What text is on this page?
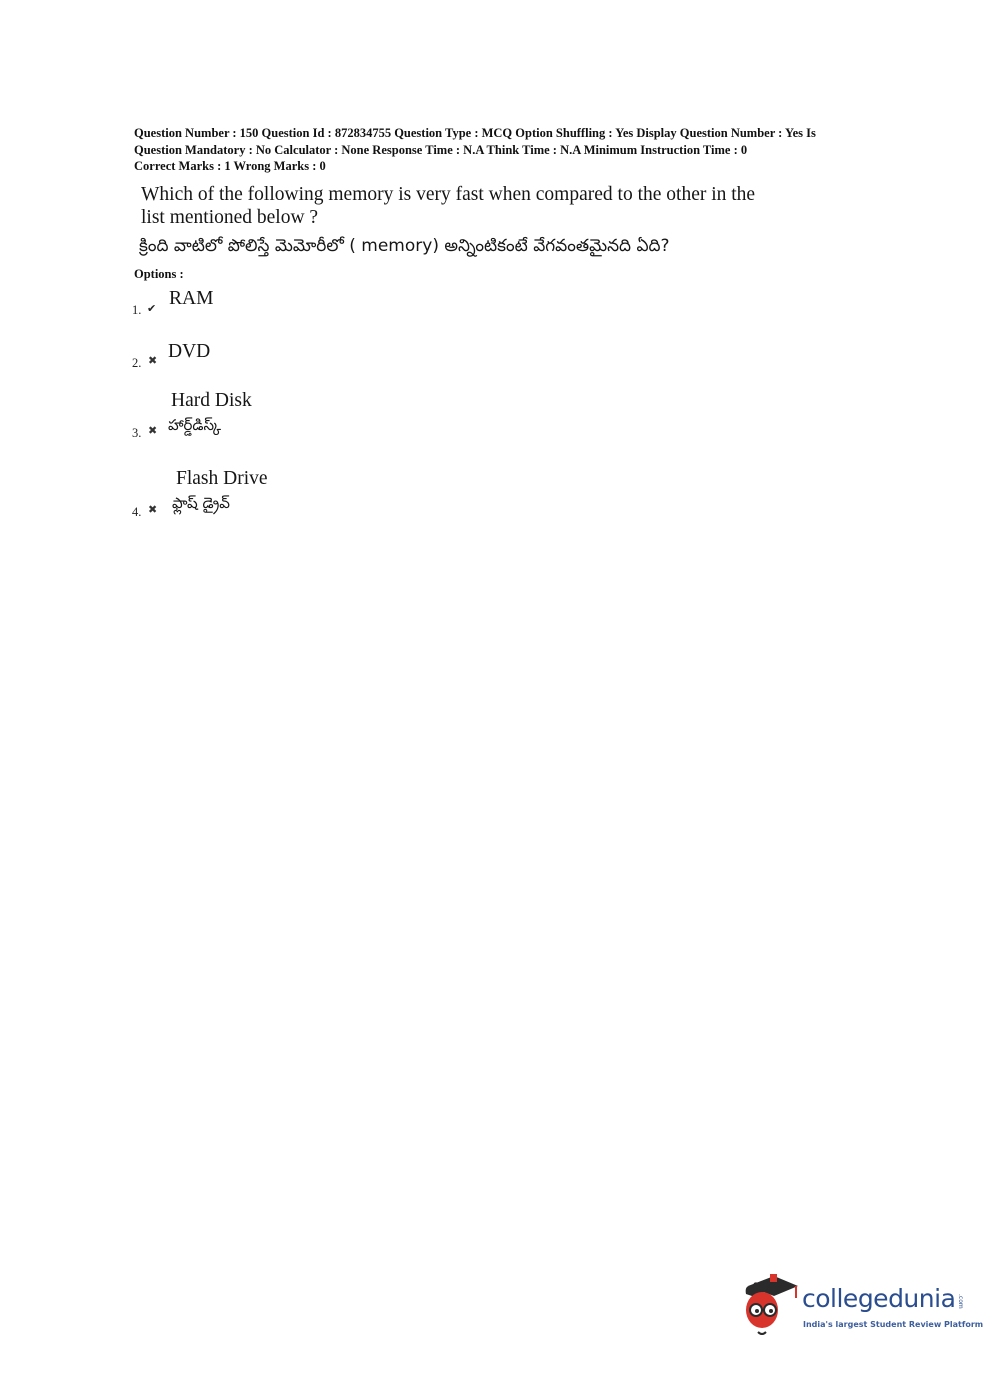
Question Number : 150 Question Id : 872834755 Question Type : MCQ Option Shuffling : Yes Display Question Number : Yes Is
Question Mandatory : No Calculator : None Response Time : N.A Think Time : N.A Minimum Instruction Time : 0
Correct Marks : 1 Wrong Marks : 0
Which of the following memory is very fast when compared to the other in the list mentioned below ?
క్రింది వాటిలో పోలిస్తే మెమోరీలో ( memory) అన్నింటికంటే వేగవంతమైనది ఏది?
Options :
1. ✔ RAM
2. ✖ DVD
3. ✖
Hard Disk
హార్డ్‌డిస్క్
4. ✖
Flash Drive
ఫ్లాష్ డ్రైవ్
collegedunia .com
India's largest Student Review Platform
